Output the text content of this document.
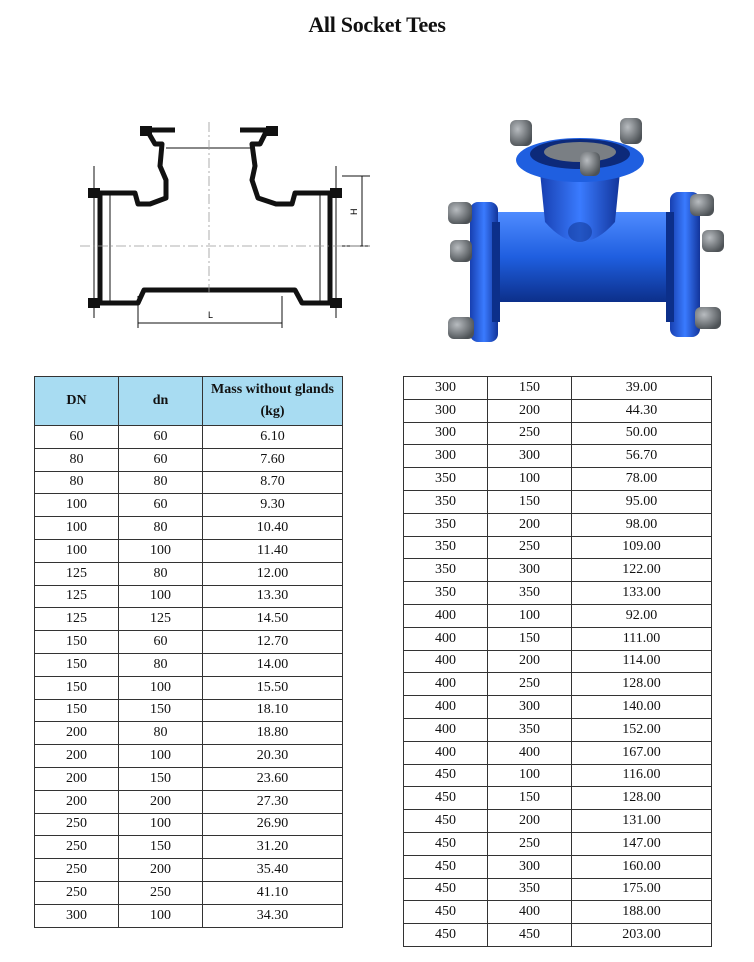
All Socket Tees
L
H
DN	dn	Mass without glands (kg)
60	60	6.10
80	60	7.60
80	80	8.70
100	60	9.30
100	80	10.40
100	100	11.40
125	80	12.00
125	100	13.30
125	125	14.50
150	60	12.70
150	80	14.00
150	100	15.50
150	150	18.10
200	80	18.80
200	100	20.30
200	150	23.60
200	200	27.30
250	100	26.90
250	150	31.20
250	200	35.40
250	250	41.10
300	100	34.30
300	150	39.00
300	200	44.30
300	250	50.00
300	300	56.70
350	100	78.00
350	150	95.00
350	200	98.00
350	250	109.00
350	300	122.00
350	350	133.00
400	100	92.00
400	150	111.00
400	200	114.00
400	250	128.00
400	300	140.00
400	350	152.00
400	400	167.00
450	100	116.00
450	150	128.00
450	200	131.00
450	250	147.00
450	300	160.00
450	350	175.00
450	400	188.00
450	450	203.00
